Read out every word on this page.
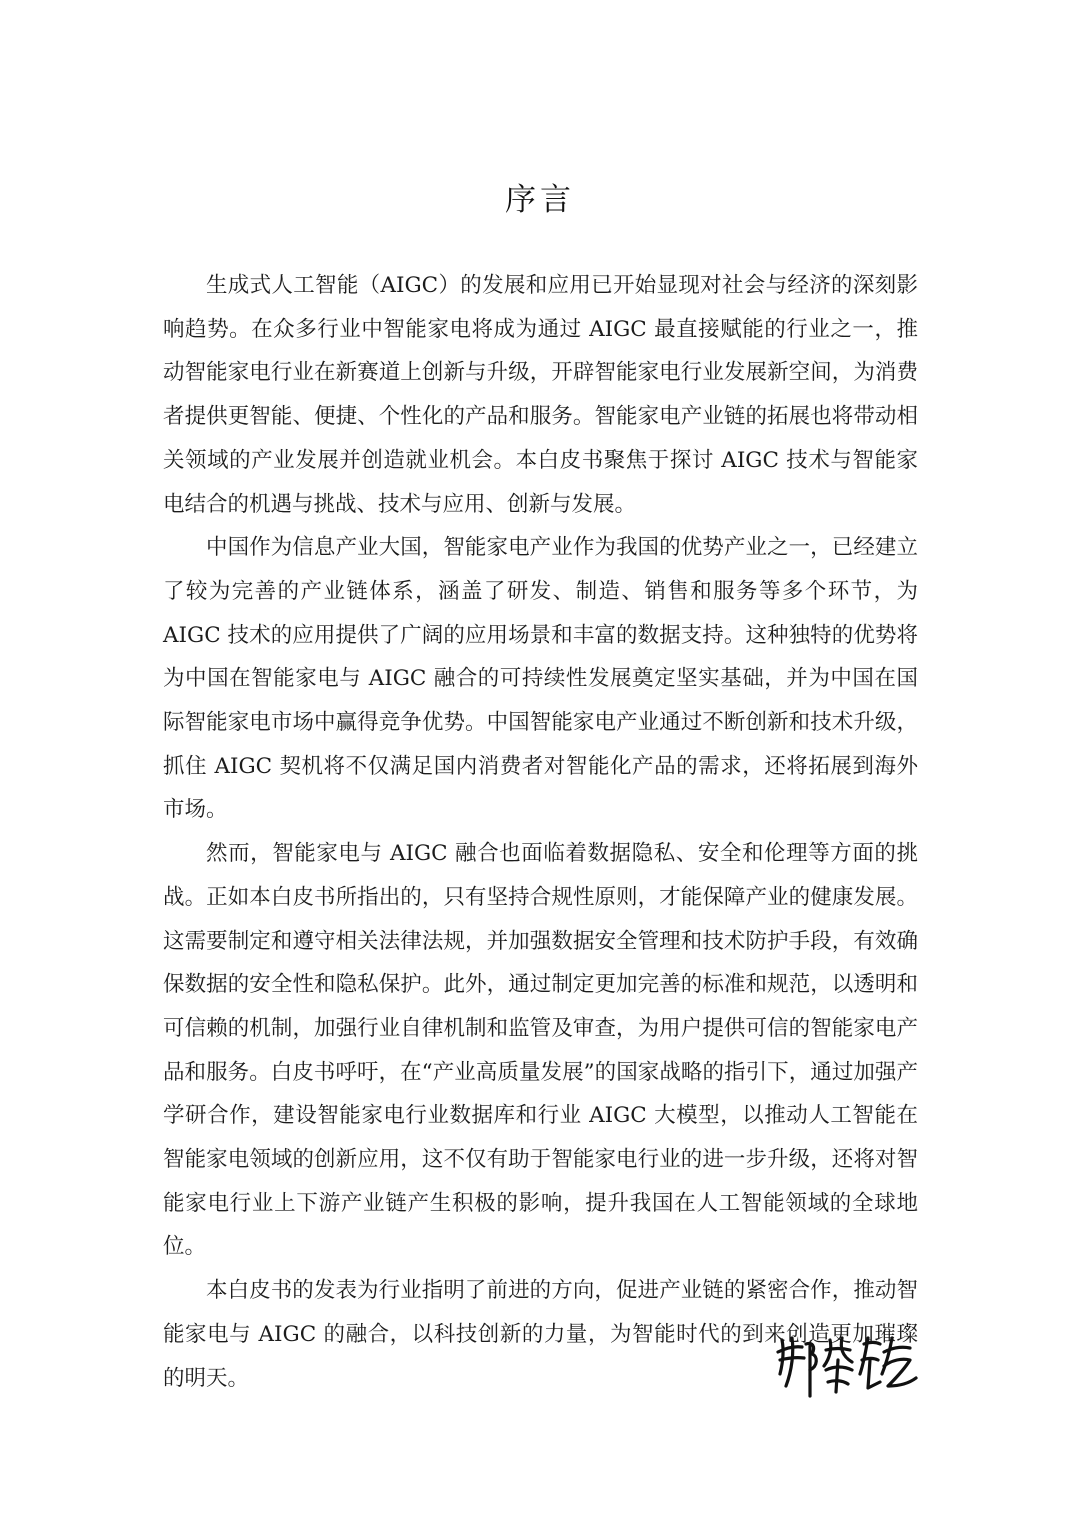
序言

生成式人工智能（AIGC）的发展和应用已开始显现对社会与经济的深刻影响趋势。在众多行业中智能家电将成为通过 AIGC 最直接赋能的行业之一，推动智能家电行业在新赛道上创新与升级，开辟智能家电行业发展新空间，为消费者提供更智能、便捷、个性化的产品和服务。智能家电产业链的拓展也将带动相关领域的产业发展并创造就业机会。本白皮书聚焦于探讨 AIGC 技术与智能家电结合的机遇与挑战、技术与应用、创新与发展。

中国作为信息产业大国，智能家电产业作为我国的优势产业之一，已经建立了较为完善的产业链体系，涵盖了研发、制造、销售和服务等多个环节，为 AIGC 技术的应用提供了广阔的应用场景和丰富的数据支持。这种独特的优势将为中国在智能家电与 AIGC 融合的可持续性发展奠定坚实基础，并为中国在国际智能家电市场中赢得竞争优势。中国智能家电产业通过不断创新和技术升级，抓住 AIGC 契机将不仅满足国内消费者对智能化产品的需求，还将拓展到海外市场。

然而，智能家电与 AIGC 融合也面临着数据隐私、安全和伦理等方面的挑战。正如本白皮书所指出的，只有坚持合规性原则，才能保障产业的健康发展。这需要制定和遵守相关法律法规，并加强数据安全管理和技术防护手段，有效确保数据的安全性和隐私保护。此外，通过制定更加完善的标准和规范，以透明和可信赖的机制，加强行业自律机制和监管及审查，为用户提供可信的智能家电产品和服务。白皮书呼吁，在“产业高质量发展”的国家战略的指引下，通过加强产学研合作，建设智能家电行业数据库和行业 AIGC 大模型，以推动人工智能在智能家电领域的创新应用，这不仅有助于智能家电行业的进一步升级，还将对智能家电行业上下游产业链产生积极的影响，提升我国在人工智能领域的全球地位。

本白皮书的发表为行业指明了前进的方向，促进产业链的紧密合作，推动智能家电与 AIGC 的融合，以科技创新的力量，为智能时代的到来创造更加璀璨的明天。
